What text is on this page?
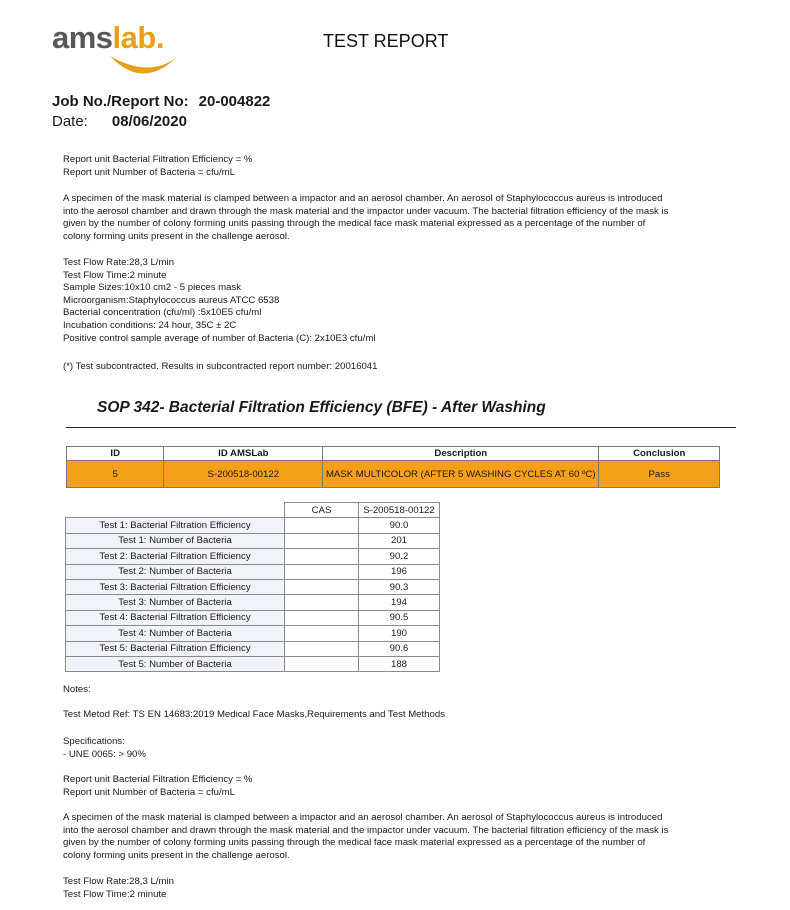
amslab.	TEST REPORT
Job No./Report No: 20-004822
Date: 08/06/2020

Report unit Bacterial Filtration Efficiency = %

Report unit Number of Bacteria = cfu/mL

A specimen of the mask material is clamped between a impactor and an aerosol chamber. An aerosol of Staphylococcus aureus is introduced

into the aerosol chamber and drawn through the mask material and the impactor under vacuum. The bacterial filtration efficiency of the mask is

given by the number of colony forming units passing through the medical face mask material expressed as a percentage of the number of

colony forming units present in the challenge aerosol.

Test Flow Rate:28,3 L/min

Test Flow Time:2 minute

Sample Sizes:10x10 cm2 - 5 pieces mask

Microorganism:Staphylococcus aureus ATCC 6538

Bacterial concentration (cfu/ml) :5x10E5 cfu/ml

Incubation conditions: 24 hour, 35C ± 2C

Positive control sample average of number of Bacteria (C): 2x10E3 cfu/ml

(*) Test subcontracted. Results in subcontracted report number: 20016041
SOP 342- Bacterial Filtration Efficiency (BFE) - After Washing
ID	ID AMSLab	Description	Conclusion
5	S-200518-00122	MASK MULTICOLOR (AFTER 5 WASHING CYCLES AT 60 ºC)	Pass
	CAS	S-200518-00122
Test 1: Bacterial Filtration Efficiency		90.0
Test 1: Number of Bacteria		201
Test 2: Bacterial Filtration Efficiency		90.2
Test 2: Number of Bacteria		196
Test 3: Bacterial Filtration Efficiency		90.3
Test 3: Number of Bacteria		194
Test 4: Bacterial Filtration Efficiency		90.5
Test 4: Number of Bacteria		190
Test 5: Bacterial Filtration Efficiency		90.6
Test 5: Number of Bacteria		188
Notes:
Test Metod Ref: TS EN 14683:2019 Medical Face Masks,Requirements and Test Methods

Specifications:

- UNE 0065: > 90%

Report unit Bacterial Filtration Efficiency = %

Report unit Number of Bacteria = cfu/mL

A specimen of the mask material is clamped between a impactor and an aerosol chamber. An aerosol of Staphylococcus aureus is introduced

into the aerosol chamber and drawn through the mask material and the impactor under vacuum. The bacterial filtration efficiency of the mask is

given by the number of colony forming units passing through the medical face mask material expressed as a percentage of the number of

colony forming units present in the challenge aerosol.

Test Flow Rate:28,3 L/min

Test Flow Time:2 minute
